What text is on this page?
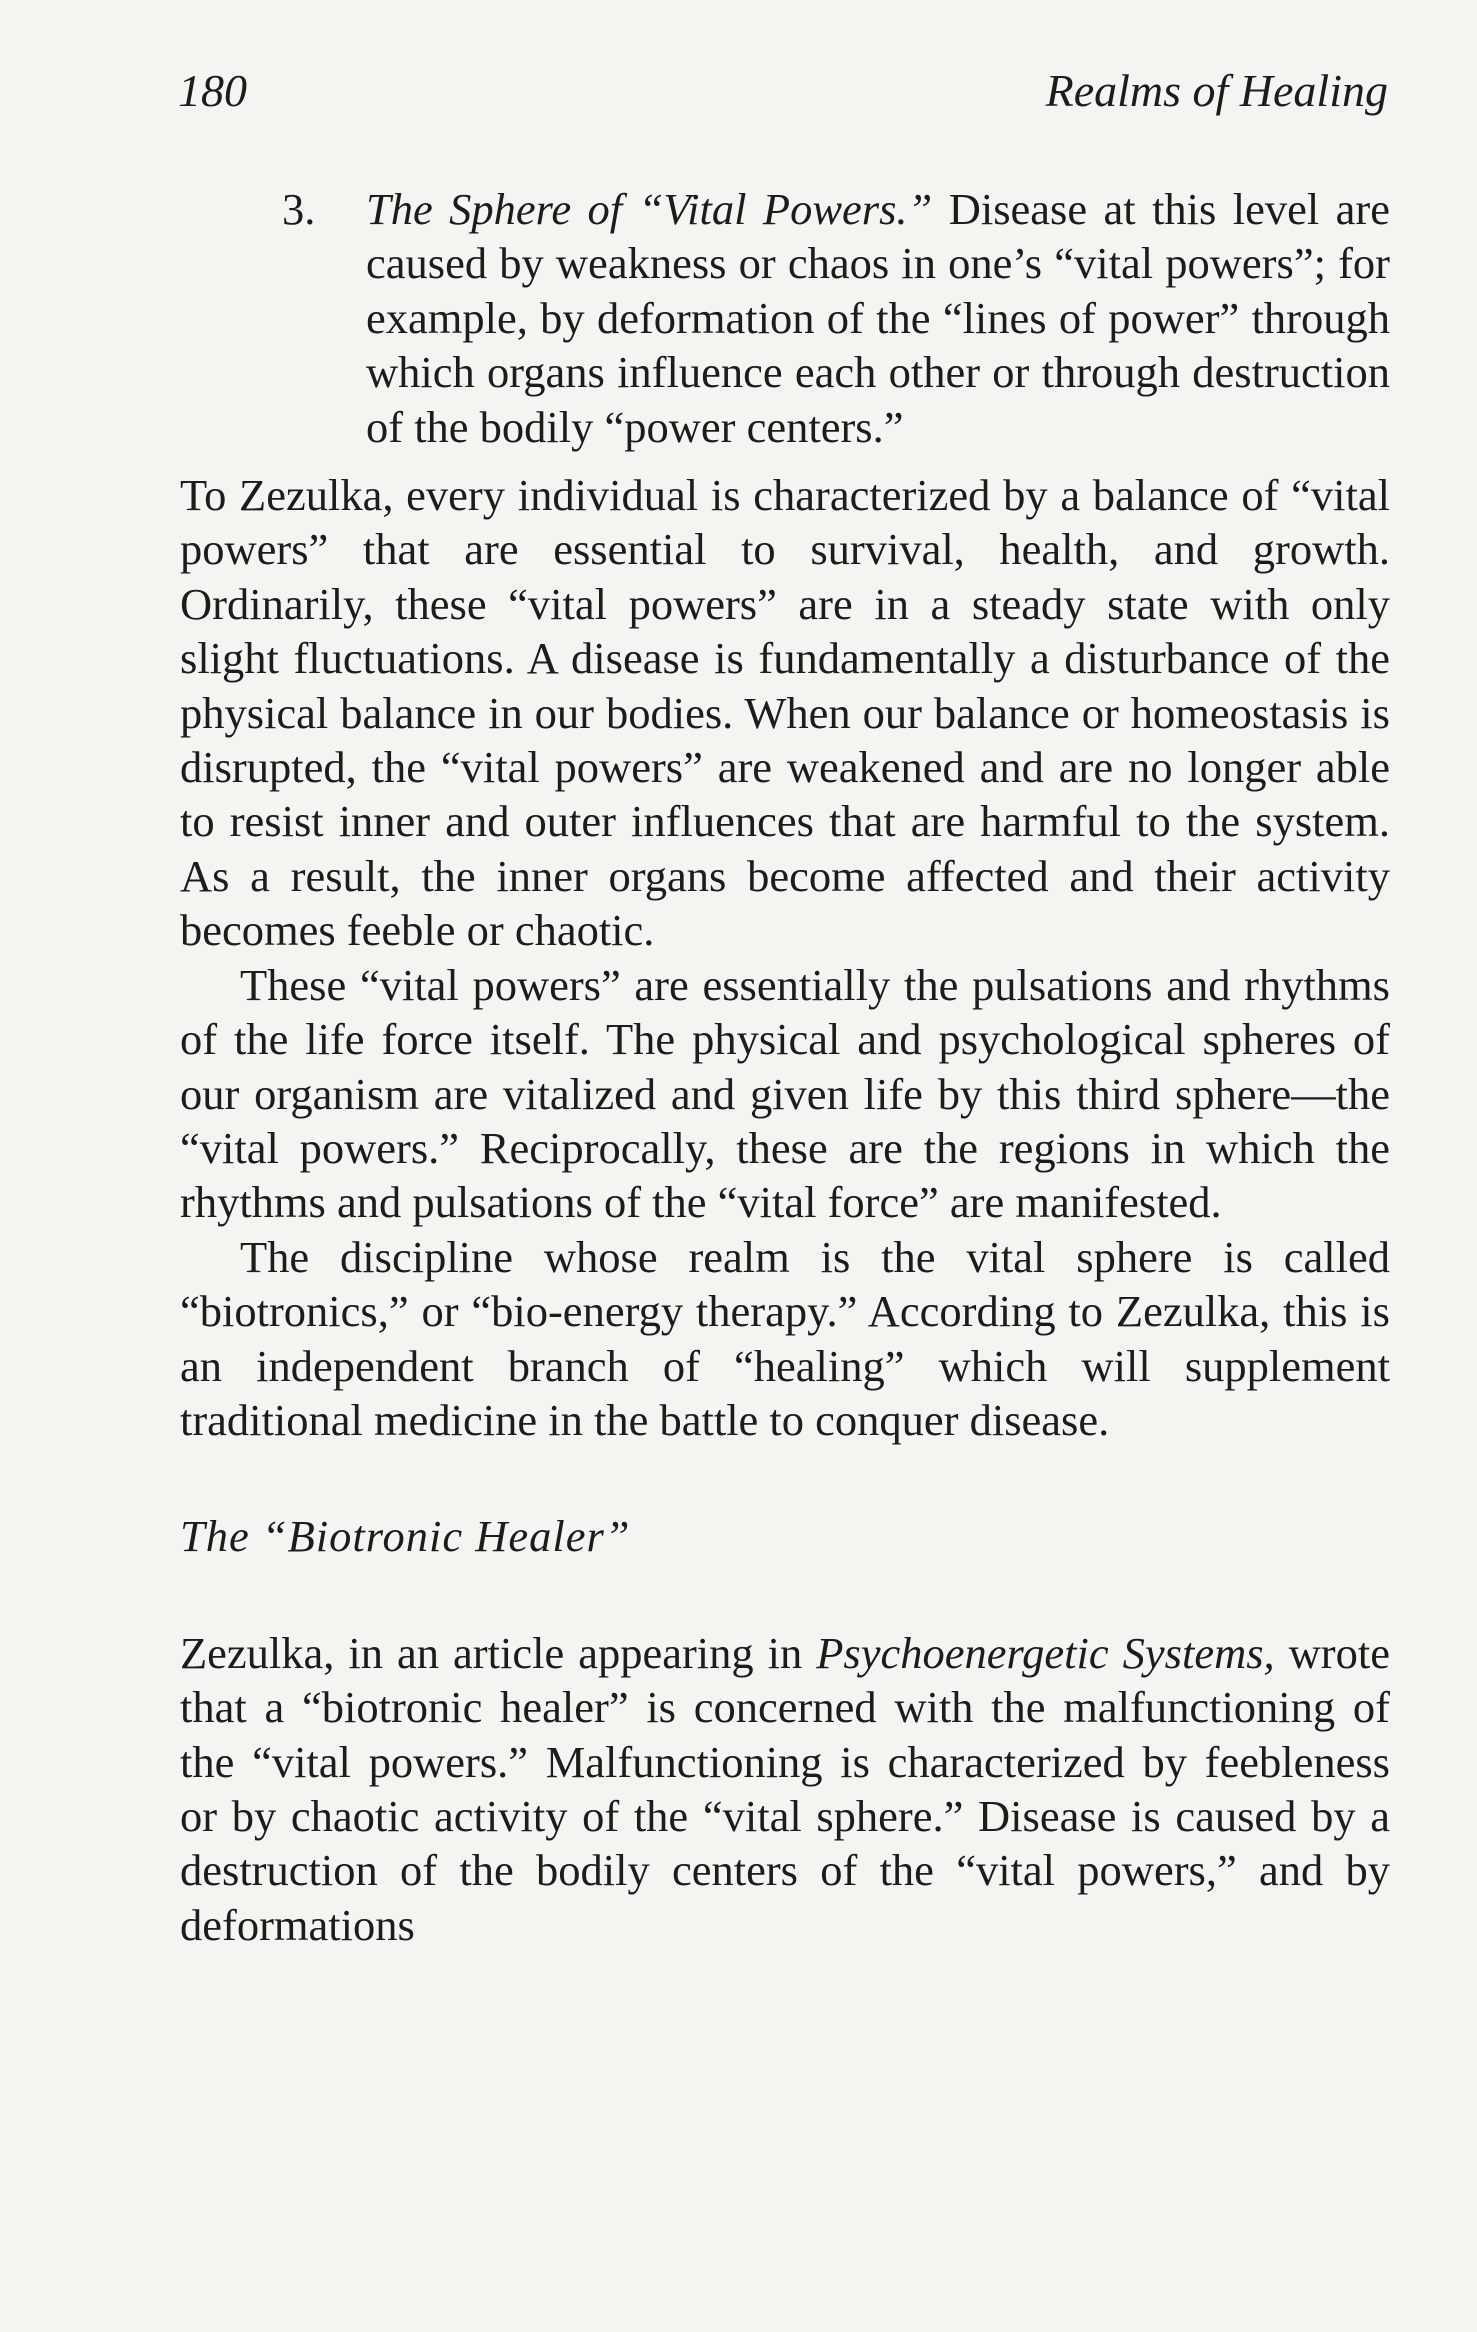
180	Realms of Healing

3. The Sphere of “Vital Powers.” Disease at this level are caused by weakness or chaos in one’s “vital powers”; for example, by deformation of the “lines of power” through which organs influence each other or through destruction of the bodily “power centers.”

To Zezulka, every individual is characterized by a balance of “vital powers” that are essential to survival, health, and growth. Ordinarily, these “vital powers” are in a steady state with only slight fluctuations. A disease is fundamentally a disturbance of the physical balance in our bodies. When our balance or homeostasis is disrupted, the “vital powers” are weakened and are no longer able to resist inner and outer influences that are harmful to the system. As a result, the inner organs become affected and their activity becomes feeble or chaotic.

These “vital powers” are essentially the pulsations and rhythms of the life force itself. The physical and psychological spheres of our organism are vitalized and given life by this third sphere—the “vital powers.” Reciprocally, these are the regions in which the rhythms and pulsations of the “vital force” are manifested.

The discipline whose realm is the vital sphere is called “biotronics,” or “bio-energy therapy.” According to Zezulka, this is an independent branch of “healing” which will supplement traditional medicine in the battle to conquer disease.

The “Biotronic Healer”

Zezulka, in an article appearing in Psychoenergetic Systems, wrote that a “biotronic healer” is concerned with the malfunctioning of the “vital powers.” Malfunctioning is characterized by feebleness or by chaotic activity of the “vital sphere.” Disease is caused by a destruction of the bodily centers of the “vital powers,” and by deformations
